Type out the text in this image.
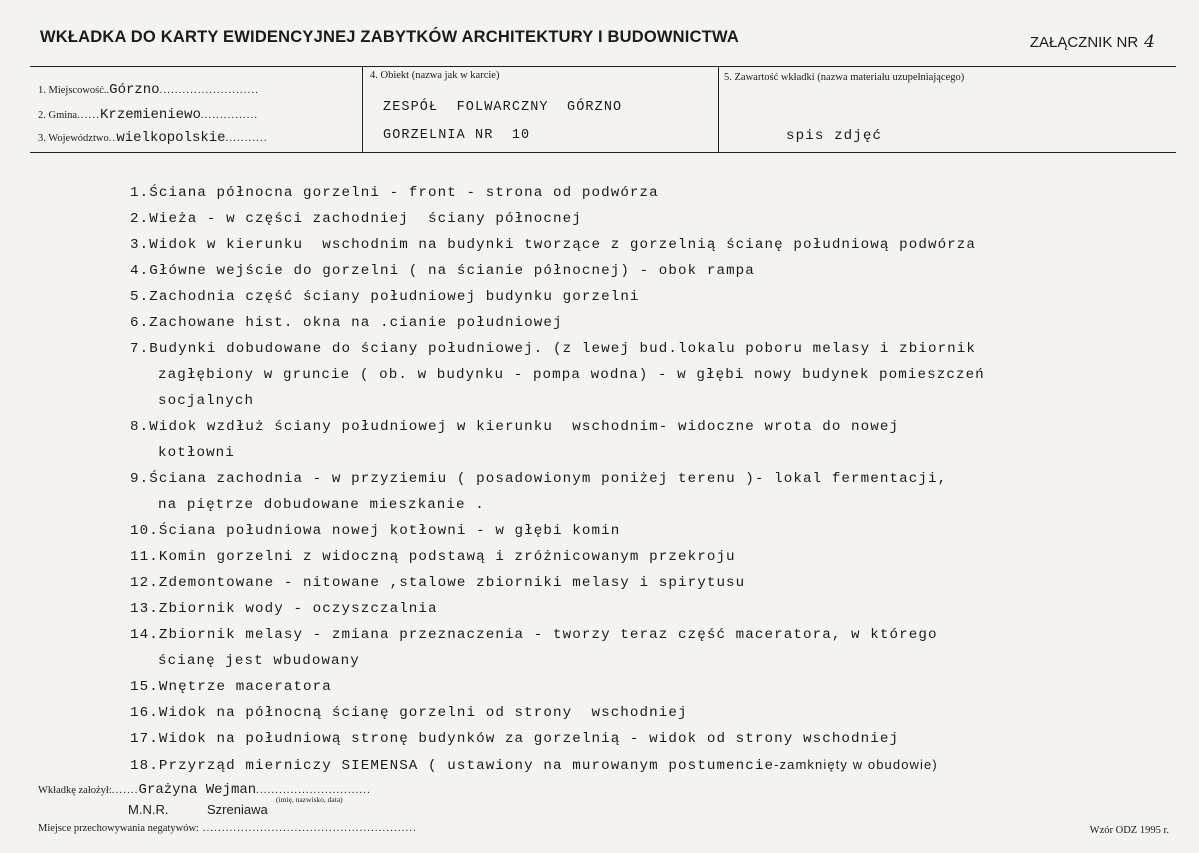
WKŁADKA DO KARTY EWIDENCYJNEJ ZABYTKÓW ARCHITEKTURY I BUDOWNICTWA	ZAŁĄCZNIK NR 4
1. Miejscowość..Górzno..........................
2. Gmina......Krzemieniewo...............
3. Województwo..wielkopolskie...........
4. Obiekt (nazwa jak w karcie)
ZESPÓŁ  FOLWARCZNY  GÓRZNO
GORZELNIA NR  10
5. Zawartość wkładki (nazwa materiału uzupełniającego)
spis zdjęć
1.Ściana północna gorzelni - front - strona od podwórza
2.Wieża - w części zachodniej  ściany północnej
3.Widok w kierunku  wschodnim na budynki tworzące z gorzelnią ścianę południową podwórza
4.Główne wejście do gorzelni ( na ścianie północnej) - obok rampa
5.Zachodnia część ściany południowej budynku gorzelni
6.Zachowane hist. okna na .cianie południowej
7.Budynki dobudowane do ściany południowej. (z lewej bud.lokalu poboru melasy i zbiornik
zagłębiony w gruncie ( ob. w budynku - pompa wodna) - w głębi nowy budynek pomieszczeń
socjalnych
8.Widok wzdłuż ściany południowej w kierunku  wschodnim- widoczne wrota do nowej
kotłowni
9.Ściana zachodnia - w przyziemiu ( posadowionym poniżej terenu )- lokal fermentacji,
na piętrze dobudowane mieszkanie .
10.Ściana południowa nowej kotłowni - w głębi komin
11.Komin gorzelni z widoczną podstawą i zróżnicowanym przekroju
12.Zdemontowane - nitowane ,stalowe zbiorniki melasy i spirytusu
13.Zbiornik wody - oczyszczalnia
14.Zbiornik melasy - zmiana przeznaczenia - tworzy teraz część maceratora, w którego
ścianę jest wbudowany
15.Wnętrze maceratora
16.Widok na północną ścianę gorzelni od strony  wschodniej
17.Widok na południową stronę budynków za gorzelnią - widok od strony wschodniej
18.Przyrząd mierniczy SIEMENSA ( ustawiony na murowanym postumencie-zamknięty w obudowie)
Wkładkę założył:.......Grażyna Wejman..............................
(imię, nazwisko, data)
M.N.R.	Szreniawa
Miejsce przechowywania negatywów: ........................................................	Wzór ODZ 1995 r.
